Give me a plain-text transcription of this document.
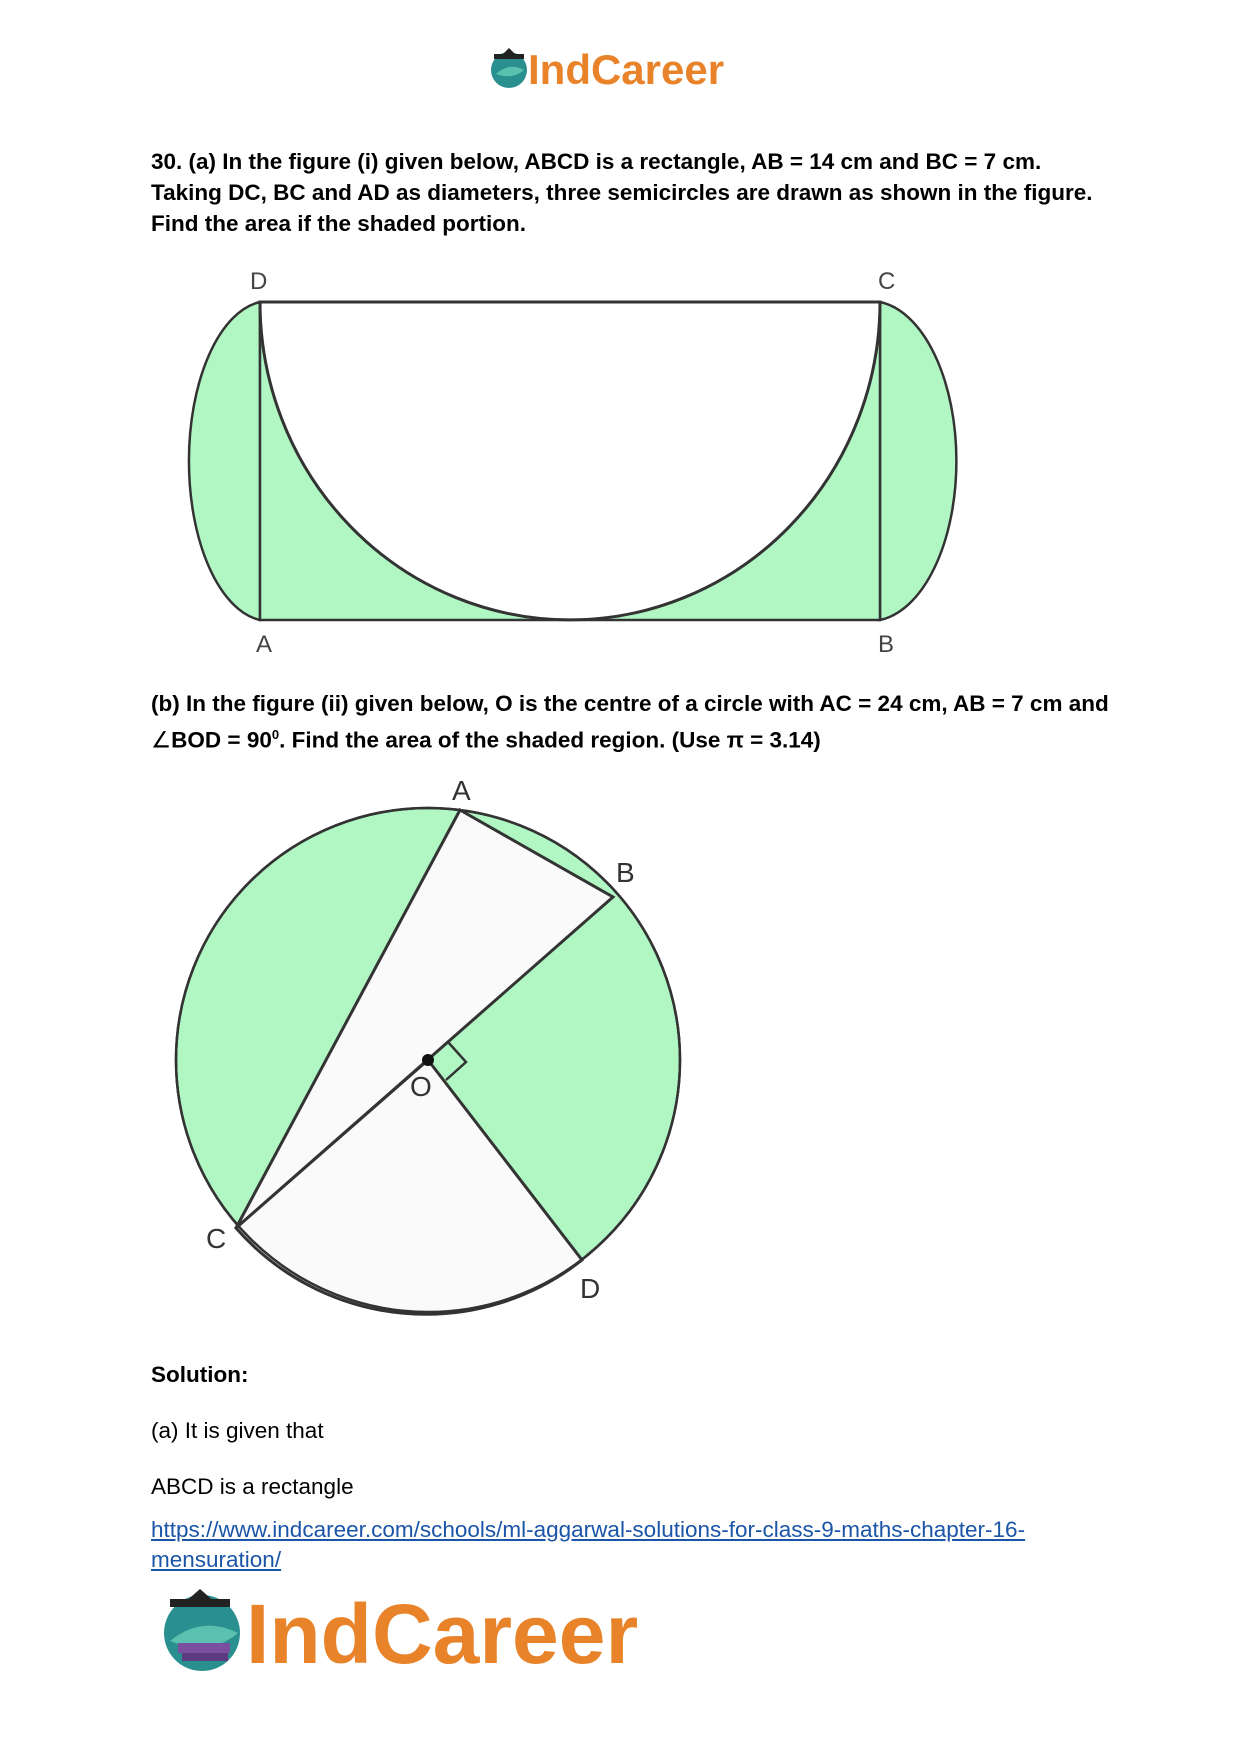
IndCareer

30. (a) In the figure (i) given below, ABCD is a rectangle, AB = 14 cm and BC = 7 cm. Taking DC, BC and AD as diameters, three semicircles are drawn as shown in the figure. Find the area if the shaded portion.

D	C
A	B

(b) In the figure (ii) given below, O is the centre of a circle with AC = 24 cm, AB = 7 cm and ∠BOD = $90^0$. Find the area of the shaded region. (Use π = 3.14)

A
B
C
D
O

Solution:

(a) It is given that

ABCD is a rectangle

https://www.indcareer.com/schools/ml-aggarwal-solutions-for-class-9-maths-chapter-16-mensuration/
IndCareer
